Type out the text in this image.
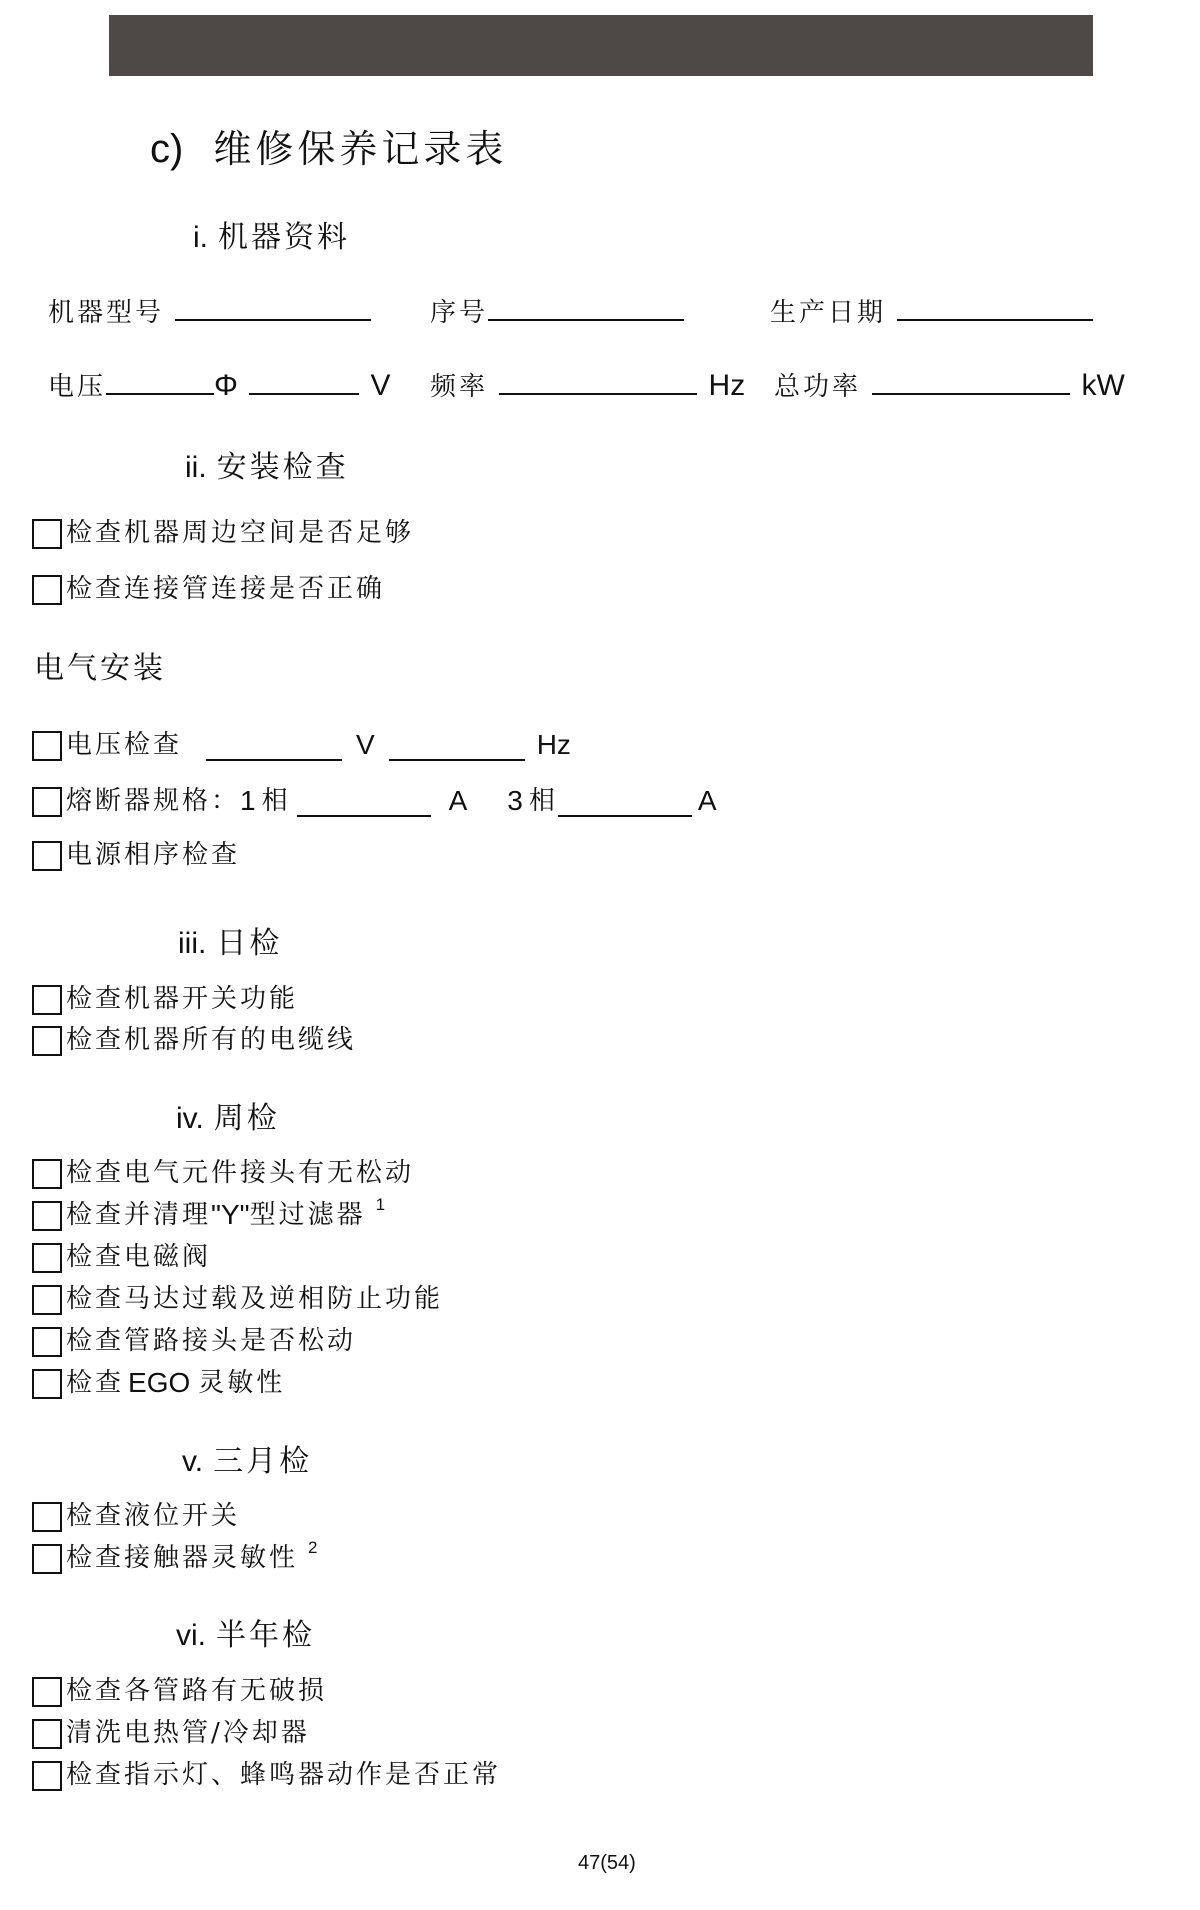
c) 维修保养记录表
i. 机器资料
机器型号	序号	生产日期
电压	Φ	V 频率	Hz 总功率	kW
ii. 安装检查
检查机器周边空间是否足够
检查连接管连接是否正确
电气安装
电压检查	V	Hz
熔断器规格： 1 相	A 3 相	A
电源相序检查
iii. 日检
检查机器开关功能
检查机器所有的电缆线
iv. 周检
检查电气元件接头有无松动
检查并清理 "Y" 型过滤器 1
检查电磁阀
检查马达过载及逆相防止功能
检查管路接头是否松动
检查 EGO 灵敏性
v. 三月检
检查液位开关
检查接触器灵敏性 2
vi. 半年检
检查各管路有无破损
清洗电热管/冷却器
检查指示灯、蜂鸣器动作是否正常
47(54)
